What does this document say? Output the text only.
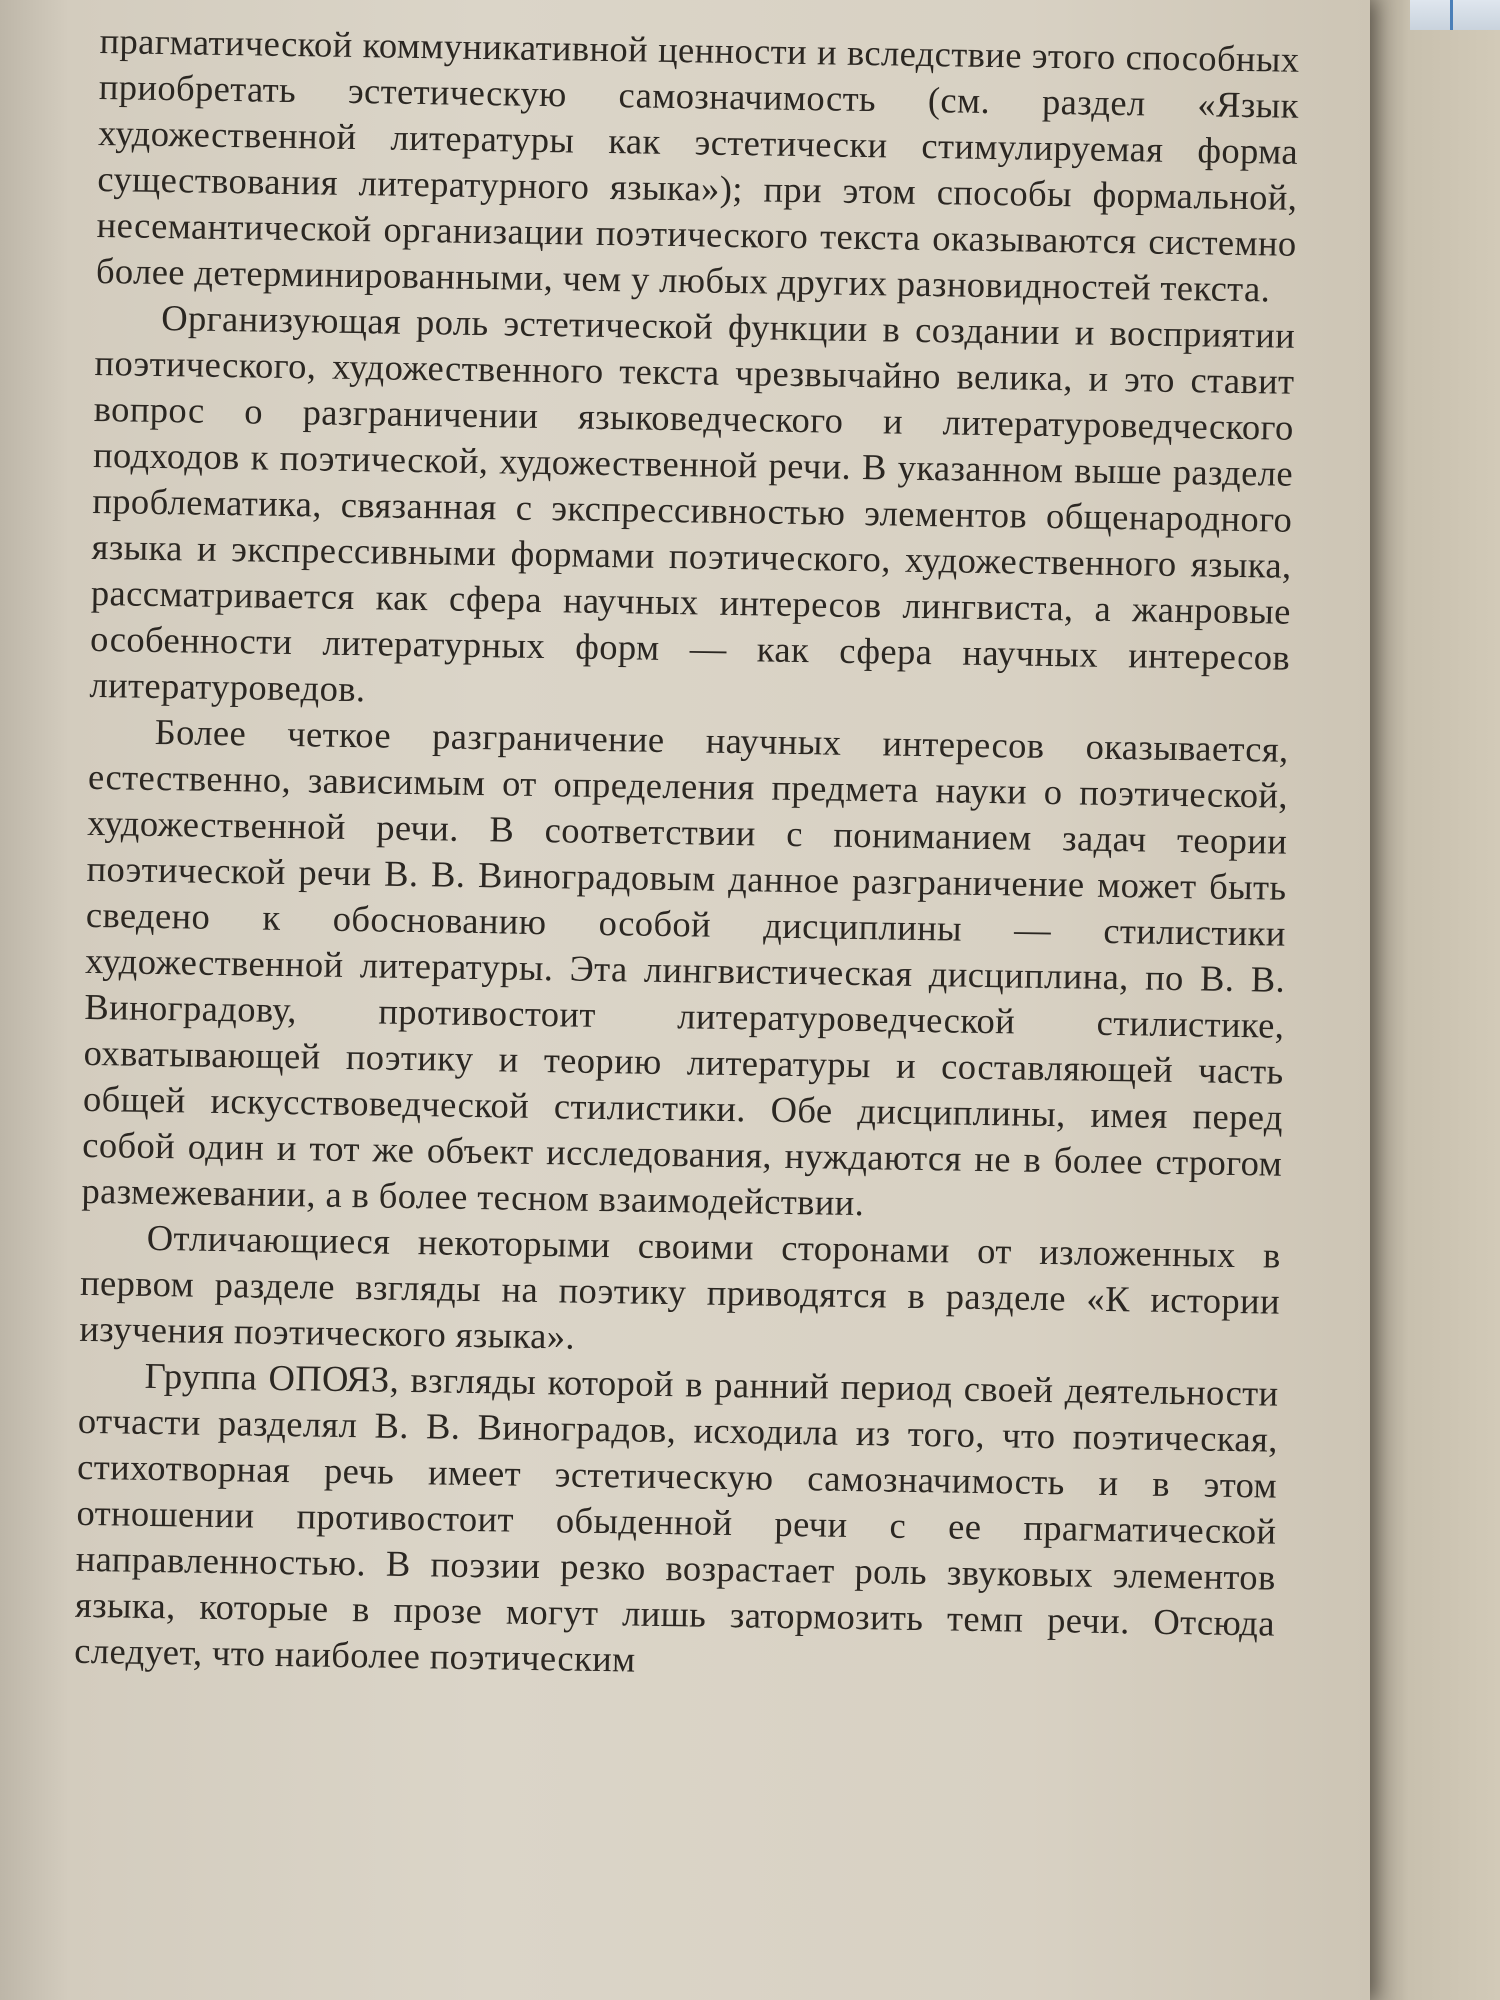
прагматической коммуникативной ценности и вследствие этого способных приобретать эстетическую самозначимость (см. раздел «Язык художественной литературы как эстетически стимулируемая форма существования литературного языка»); при этом способы формальной, несемантической организации поэтического текста оказываются системно более детерминированными, чем у любых других разновидностей текста.

Организующая роль эстетической функции в создании и восприятии поэтического, художественного текста чрезвычайно велика, и это ставит вопрос о разграничении языковедческого и литературоведческого подходов к поэтической, художественной речи. В указанном выше разделе проблематика, связанная с экспрессивностью элементов общенародного языка и экспрессивными формами поэтического, художественного языка, рассматривается как сфера научных интересов лингвиста, а жанровые особенности литературных форм — как сфера научных интересов литературоведов.

Более четкое разграничение научных интересов оказывается, естественно, зависимым от определения предмета науки о поэтической, художественной речи. В соответствии с пониманием задач теории поэтической речи В. В. Виноградовым данное разграничение может быть сведено к обоснованию особой дисциплины — стилистики художественной литературы. Эта лингвистическая дисциплина, по В. В. Виноградову, противостоит литературоведческой стилистике, охватывающей поэтику и теорию литературы и составляющей часть общей искусствоведческой стилистики. Обе дисциплины, имея перед собой один и тот же объект исследования, нуждаются не в более строгом размежевании, а в более тесном взаимодействии.

Отличающиеся некоторыми своими сторонами от изложенных в первом разделе взгляды на поэтику приводятся в разделе «К истории изучения поэтического языка».

Группа ОПОЯЗ, взгляды которой в ранний период своей деятельности отчасти разделял В. В. Виноградов, исходила из того, что поэтическая, стихотворная речь имеет эстетическую самозначимость и в этом отношении противостоит обыденной речи с ее прагматической направленностью. В поэзии резко возрастает роль звуковых элементов языка, которые в прозе могут лишь затормозить темп речи. Отсюда следует, что наиболее поэтическим
